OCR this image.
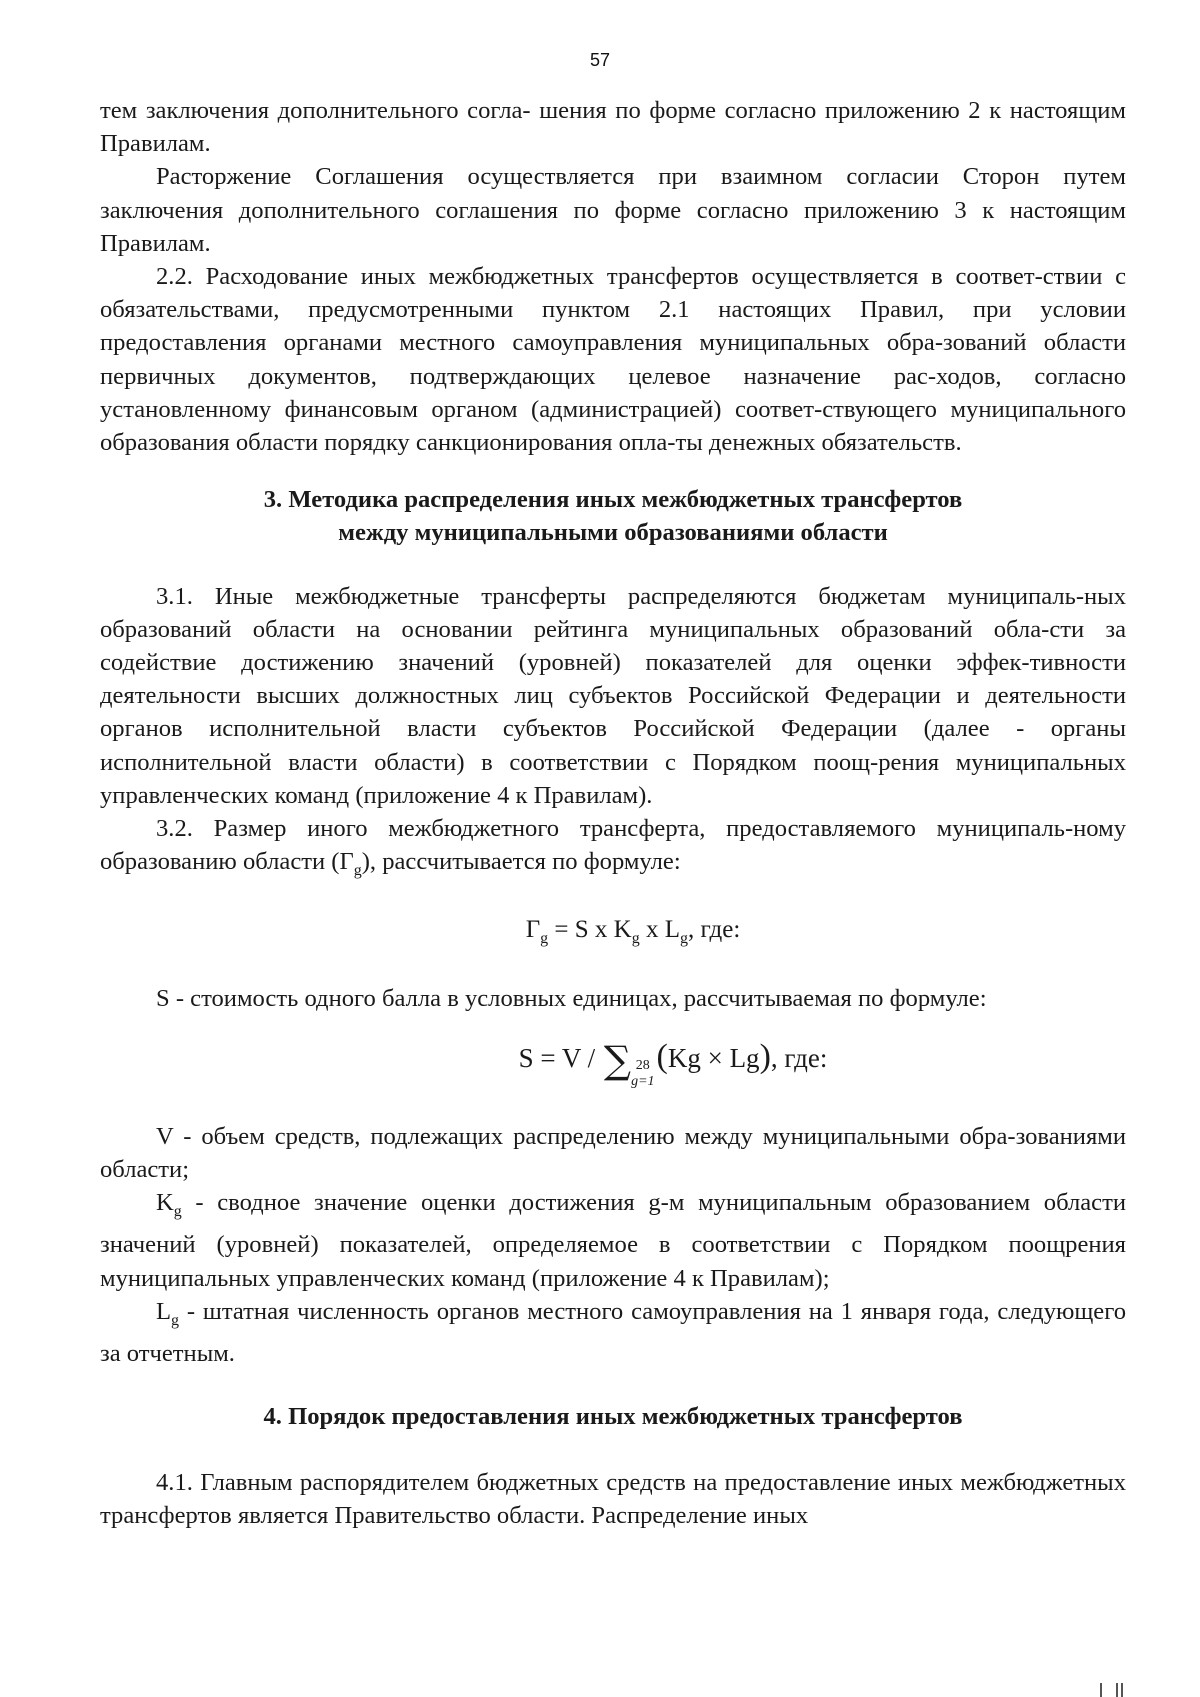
57

тем заключения дополнительного согла- шения по форме согласно приложению 2 к настоящим Правилам.

Расторжение Соглашения осуществляется при взаимном согласии Сторон путем заключения дополнительного соглашения по форме согласно приложению 3 к настоящим Правилам.

2.2. Расходование иных межбюджетных трансфертов осуществляется в соответ-ствии с обязательствами, предусмотренными пунктом 2.1 настоящих Правил, при условии предоставления органами местного самоуправления муниципальных обра-зований области первичных документов, подтверждающих целевое назначение рас-ходов, согласно установленному финансовым органом (администрацией) соответ-ствующего муниципального образования области порядку санкционирования опла-ты денежных обязательств.

3. Методика распределения иных межбюджетных трансфертов
между муниципальными образованиями области

3.1. Иные межбюджетные трансферты распределяются бюджетам муниципаль-ных образований области на основании рейтинга муниципальных образований обла-сти за содействие достижению значений (уровней) показателей для оценки эффек-тивности деятельности высших должностных лиц субъектов Российской Федерации и деятельности органов исполнительной власти субъектов Российской Федерации (далее - органы исполнительной власти области) в соответствии с Порядком поощ-рения муниципальных управленческих команд (приложение 4 к Правилам).

3.2. Размер иного межбюджетного трансферта, предоставляемого муниципаль-ному образованию области $(Г_g)$, рассчитывается по формуле:

$Г_g = S$ x $K_g$ x $L_g$, где:

S - стоимость одного балла в условных единицах, рассчитываемая по формуле:

S = V / ∑ 28
g=1
(Kg × Lg), где:

V - объем средств, подлежащих распределению между муниципальными обра-зованиями области;

$K_g$ - сводное значение оценки достижения g-м муниципальным образованием области значений (уровней) показателей, определяемое в соответствии с Порядком поощрения муниципальных управленческих команд (приложение 4 к Правилам);

$L_g$ - штатная численность органов местного самоуправления на 1 января года, следующего за отчетным.

4. Порядок предоставления иных межбюджетных трансфертов

4.1. Главным распорядителем бюджетных средств на предоставление иных межбюджетных трансфертов является Правительство области. Распределение иных
